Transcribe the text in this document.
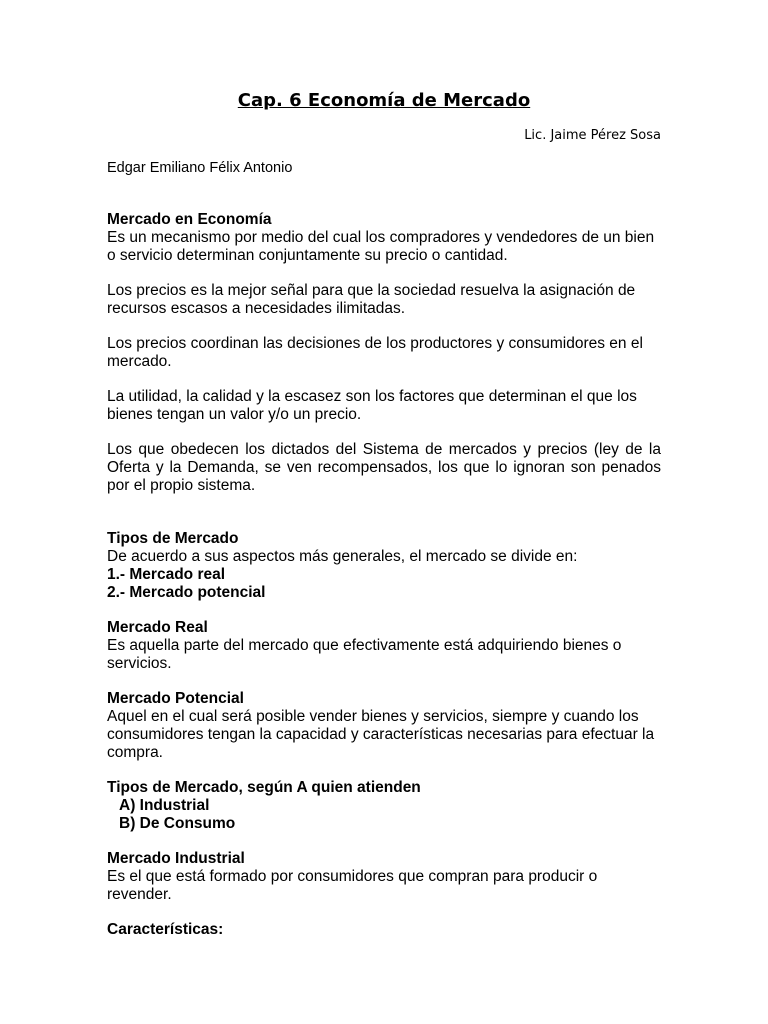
Cap. 6 Economía de Mercado
Lic. Jaime Pérez Sosa
Edgar Emiliano Félix Antonio

Mercado en Economía

Es un mecanismo por medio del cual los compradores y vendedores de un bien o servicio determinan conjuntamente su precio o cantidad.

Los precios es la mejor señal para que la sociedad resuelva la asignación de recursos escasos a necesidades ilimitadas.

Los precios coordinan las decisiones de los productores y consumidores en el mercado.

La utilidad, la calidad y la escasez son los factores que determinan el que los bienes tengan un valor y/o un precio.

Los que obedecen los dictados del Sistema de mercados y precios (ley de la Oferta y la Demanda, se ven recompensados, los que lo ignoran son penados por el propio sistema.

Tipos de Mercado

De acuerdo a sus aspectos más generales, el mercado se divide en:

1.- Mercado real

2.- Mercado potencial

Mercado Real

Es aquella parte del mercado que efectivamente está adquiriendo bienes o servicios.

Mercado Potencial

Aquel en el cual será posible vender bienes y servicios, siempre y cuando los consumidores tengan la capacidad y características necesarias para efectuar la compra.

Tipos de Mercado, según A quien atienden

A) Industrial

B) De Consumo

Mercado Industrial

Es el que está formado por consumidores que compran para producir o revender.

Características:
